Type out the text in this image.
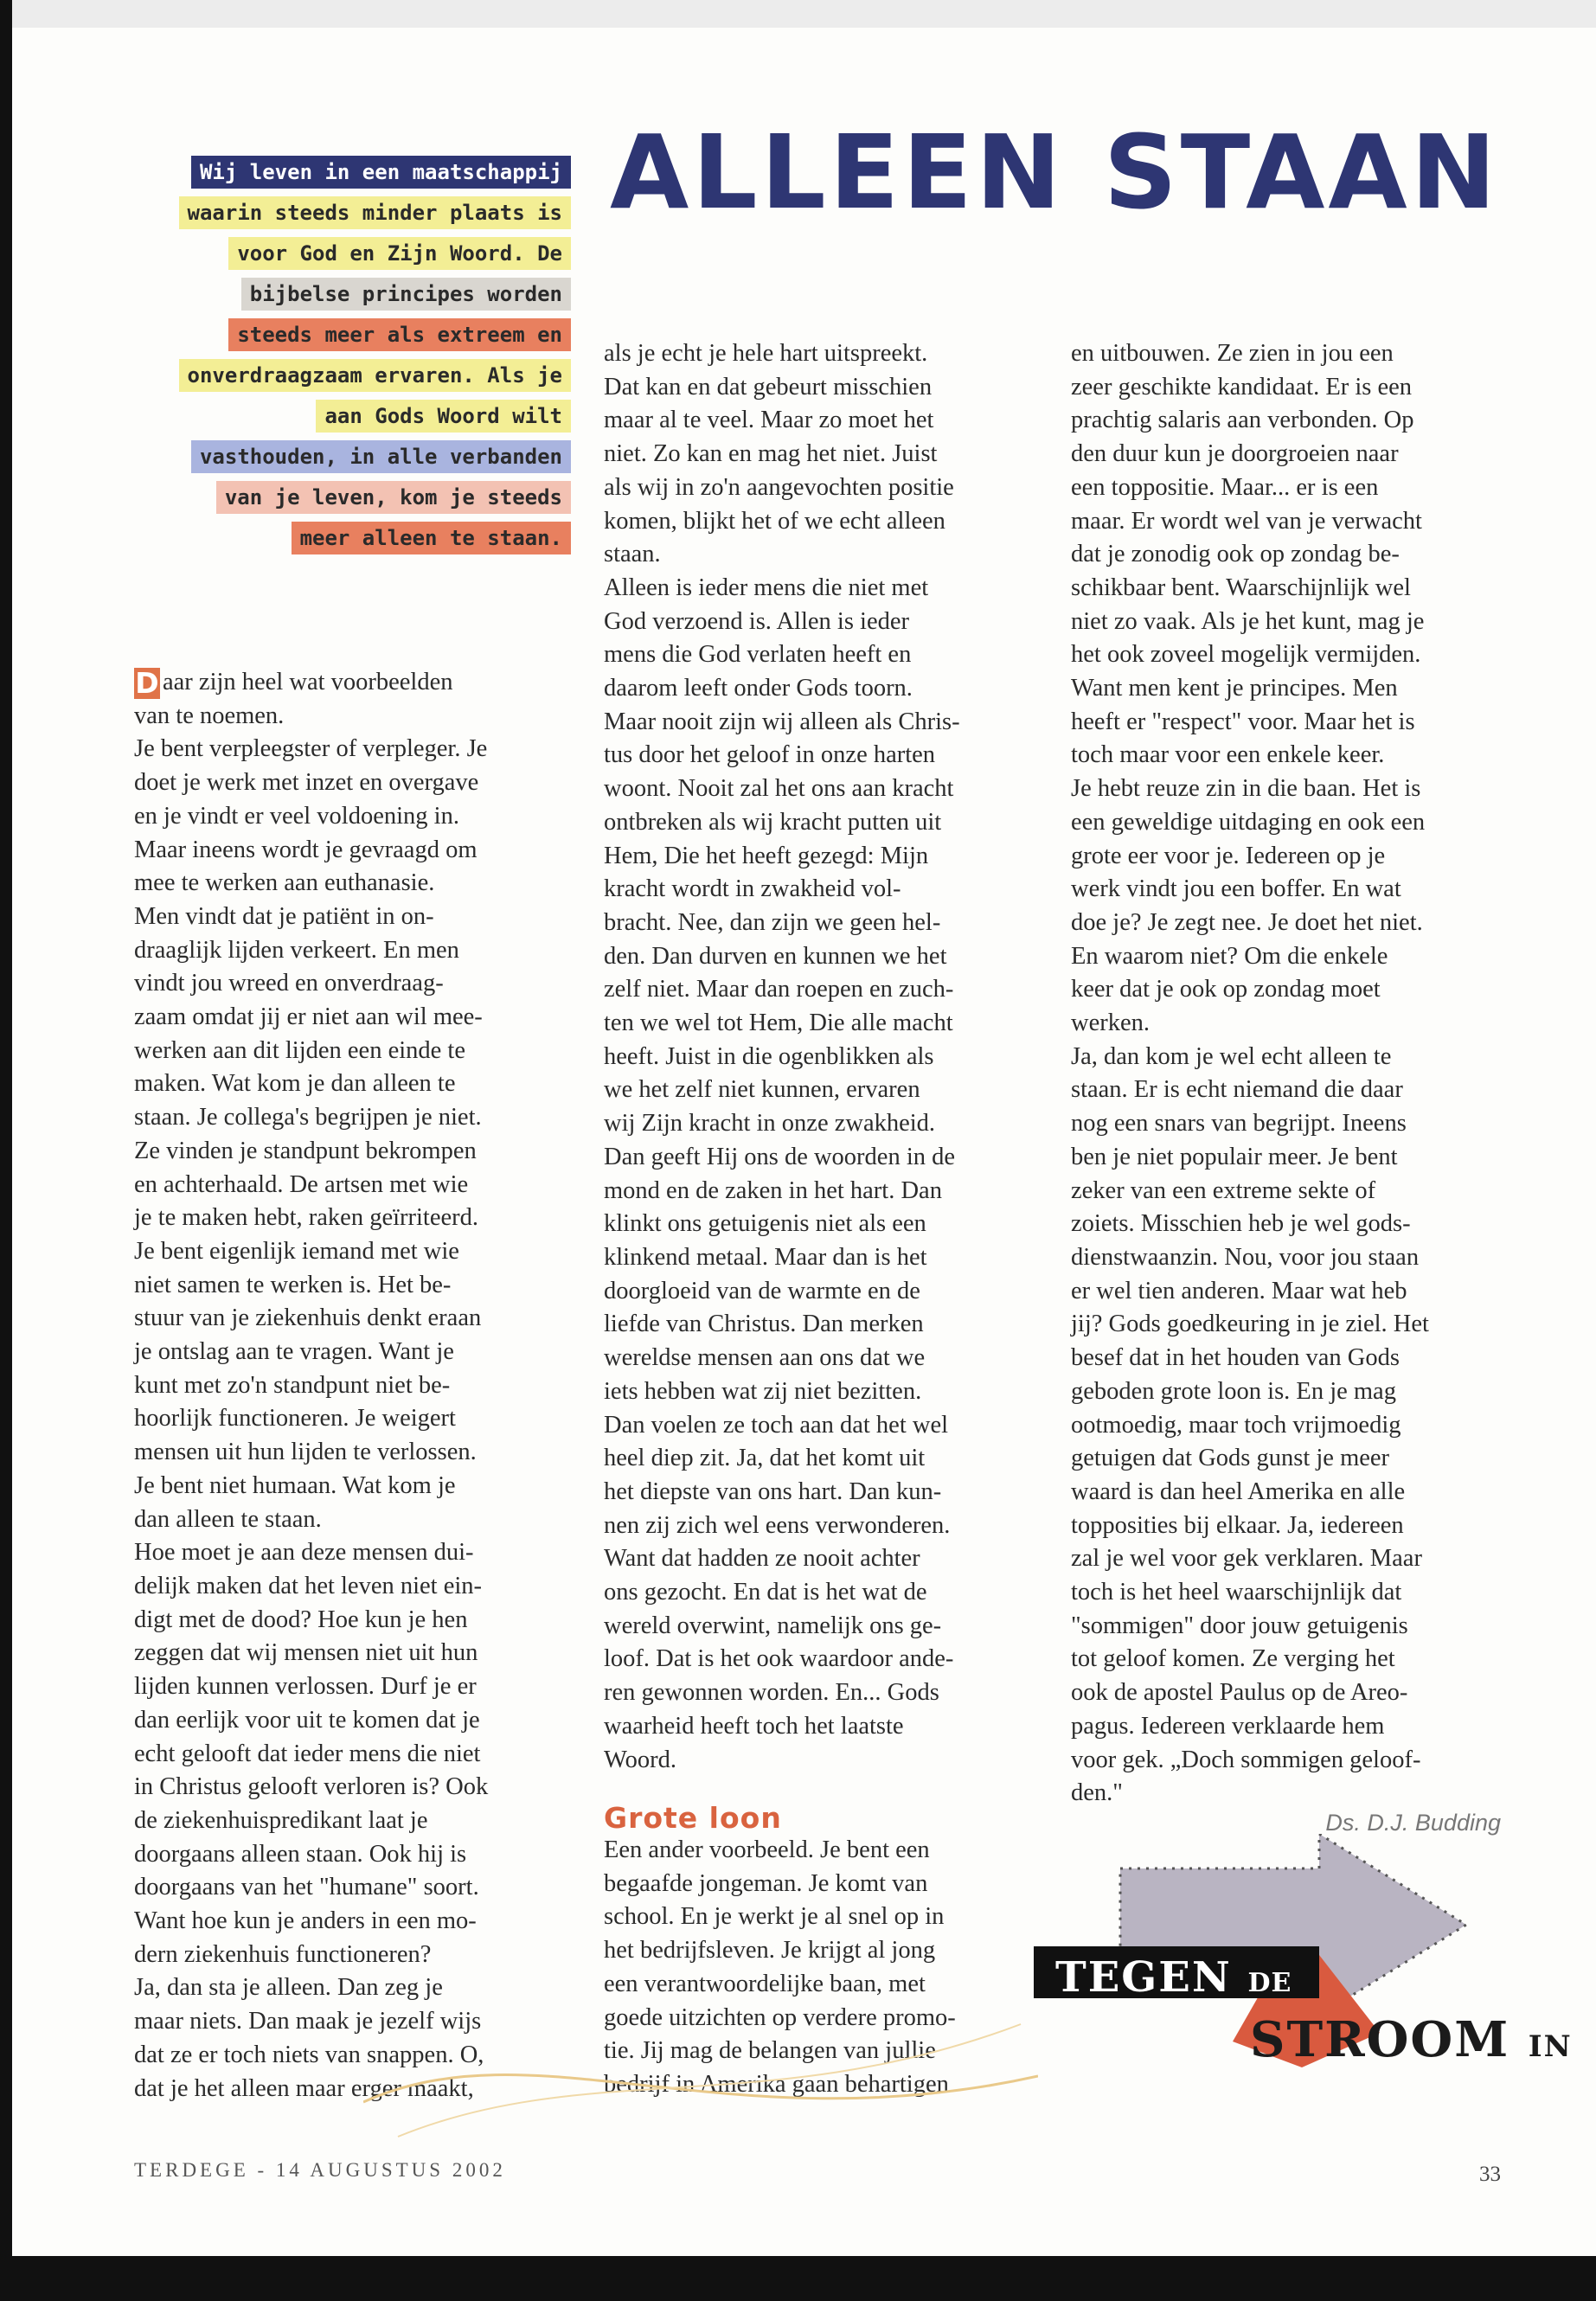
ALLEEN STAAN
Wij leven in een maatschappij
waarin steeds minder plaats is
voor God en Zijn Woord. De
bijbelse principes worden
steeds meer als extreem en
onverdraagzaam ervaren. Als je
aan Gods Woord wilt
vasthouden, in alle verbanden
van je leven, kom je steeds
meer alleen te staan.

D aar zijn heel wat voorbeelden

van te noemen.

Je bent verpleegster of verpleger. Je

doet je werk met inzet en overgave

en je vindt er veel voldoening in.

Maar ineens wordt je gevraagd om

mee te werken aan euthanasie.

Men vindt dat je patiënt in on-

draaglijk lijden verkeert. En men

vindt jou wreed en onverdraag-

zaam omdat jij er niet aan wil mee-

werken aan dit lijden een einde te

maken. Wat kom je dan alleen te

staan. Je collega's begrijpen je niet.

Ze vinden je standpunt bekrompen

en achterhaald. De artsen met wie

je te maken hebt, raken geïrriteerd.

Je bent eigenlijk iemand met wie

niet samen te werken is. Het be-

stuur van je ziekenhuis denkt eraan

je ontslag aan te vragen. Want je

kunt met zo'n standpunt niet be-

hoorlijk functioneren. Je weigert

mensen uit hun lijden te verlossen.

Je bent niet humaan. Wat kom je

dan alleen te staan.

Hoe moet je aan deze mensen dui-

delijk maken dat het leven niet ein-

digt met de dood? Hoe kun je hen

zeggen dat wij mensen niet uit hun

lijden kunnen verlossen. Durf je er

dan eerlijk voor uit te komen dat je

echt gelooft dat ieder mens die niet

in Christus gelooft verloren is? Ook

de ziekenhuispredikant laat je

doorgaans alleen staan. Ook hij is

doorgaans van het "humane" soort.

Want hoe kun je anders in een mo-

dern ziekenhuis functioneren?

Ja, dan sta je alleen. Dan zeg je

maar niets. Dan maak je jezelf wijs

dat ze er toch niets van snappen. O,

dat je het alleen maar erger maakt,

als je echt je hele hart uitspreekt.

Dat kan en dat gebeurt misschien

maar al te veel. Maar zo moet het

niet. Zo kan en mag het niet. Juist

als wij in zo'n aangevochten positie

komen, blijkt het of we echt alleen

staan.

Alleen is ieder mens die niet met

God verzoend is. Allen is ieder

mens die God verlaten heeft en

daarom leeft onder Gods toorn.

Maar nooit zijn wij alleen als Chris-

tus door het geloof in onze harten

woont. Nooit zal het ons aan kracht

ontbreken als wij kracht putten uit

Hem, Die het heeft gezegd: Mijn

kracht wordt in zwakheid vol-

bracht. Nee, dan zijn we geen hel-

den. Dan durven en kunnen we het

zelf niet. Maar dan roepen en zuch-

ten we wel tot Hem, Die alle macht

heeft. Juist in die ogenblikken als

we het zelf niet kunnen, ervaren

wij Zijn kracht in onze zwakheid.

Dan geeft Hij ons de woorden in de

mond en de zaken in het hart. Dan

klinkt ons getuigenis niet als een

klinkend metaal. Maar dan is het

doorgloeid van de warmte en de

liefde van Christus. Dan merken

wereldse mensen aan ons dat we

iets hebben wat zij niet bezitten.

Dan voelen ze toch aan dat het wel

heel diep zit. Ja, dat het komt uit

het diepste van ons hart. Dan kun-

nen zij zich wel eens verwonderen.

Want dat hadden ze nooit achter

ons gezocht. En dat is het wat de

wereld overwint, namelijk ons ge-

loof. Dat is het ook waardoor ande-

ren gewonnen worden. En... Gods

waarheid heeft toch het laatste

Woord.

Grote loon

Een ander voorbeeld. Je bent een

begaafde jongeman. Je komt van

school. En je werkt je al snel op in

het bedrijfsleven. Je krijgt al jong

een verantwoordelijke baan, met

goede uitzichten op verdere promo-

tie. Jij mag de belangen van jullie

bedrijf in Amerika gaan behartigen

en uitbouwen. Ze zien in jou een

zeer geschikte kandidaat. Er is een

prachtig salaris aan verbonden. Op

den duur kun je doorgroeien naar

een toppositie. Maar... er is een

maar. Er wordt wel van je verwacht

dat je zonodig ook op zondag be-

schikbaar bent. Waarschijnlijk wel

niet zo vaak. Als je het kunt, mag je

het ook zoveel mogelijk vermijden.

Want men kent je principes. Men

heeft er "respect" voor. Maar het is

toch maar voor een enkele keer.

Je hebt reuze zin in die baan. Het is

een geweldige uitdaging en ook een

grote eer voor je. Iedereen op je

werk vindt jou een boffer. En wat

doe je? Je zegt nee. Je doet het niet.

En waarom niet? Om die enkele

keer dat je ook op zondag moet

werken.

Ja, dan kom je wel echt alleen te

staan. Er is echt niemand die daar

nog een snars van begrijpt. Ineens

ben je niet populair meer. Je bent

zeker van een extreme sekte of

zoiets. Misschien heb je wel gods-

dienstwaanzin. Nou, voor jou staan

er wel tien anderen. Maar wat heb

jij? Gods goedkeuring in je ziel. Het

besef dat in het houden van Gods

geboden grote loon is. En je mag

ootmoedig, maar toch vrijmoedig

getuigen dat Gods gunst je meer

waard is dan heel Amerika en alle

topposities bij elkaar. Ja, iedereen

zal je wel voor gek verklaren. Maar

toch is het heel waarschijnlijk dat

"sommigen" door jouw getuigenis

tot geloof komen. Ze verging het

ook de apostel Paulus op de Areo-

pagus. Iedereen verklaarde hem

voor gek. „Doch sommigen geloof-

den."

Ds. D.J. Budding
TEGEN DE
STROOM IN
TERDEGE - 14 AUGUSTUS 2002	33
